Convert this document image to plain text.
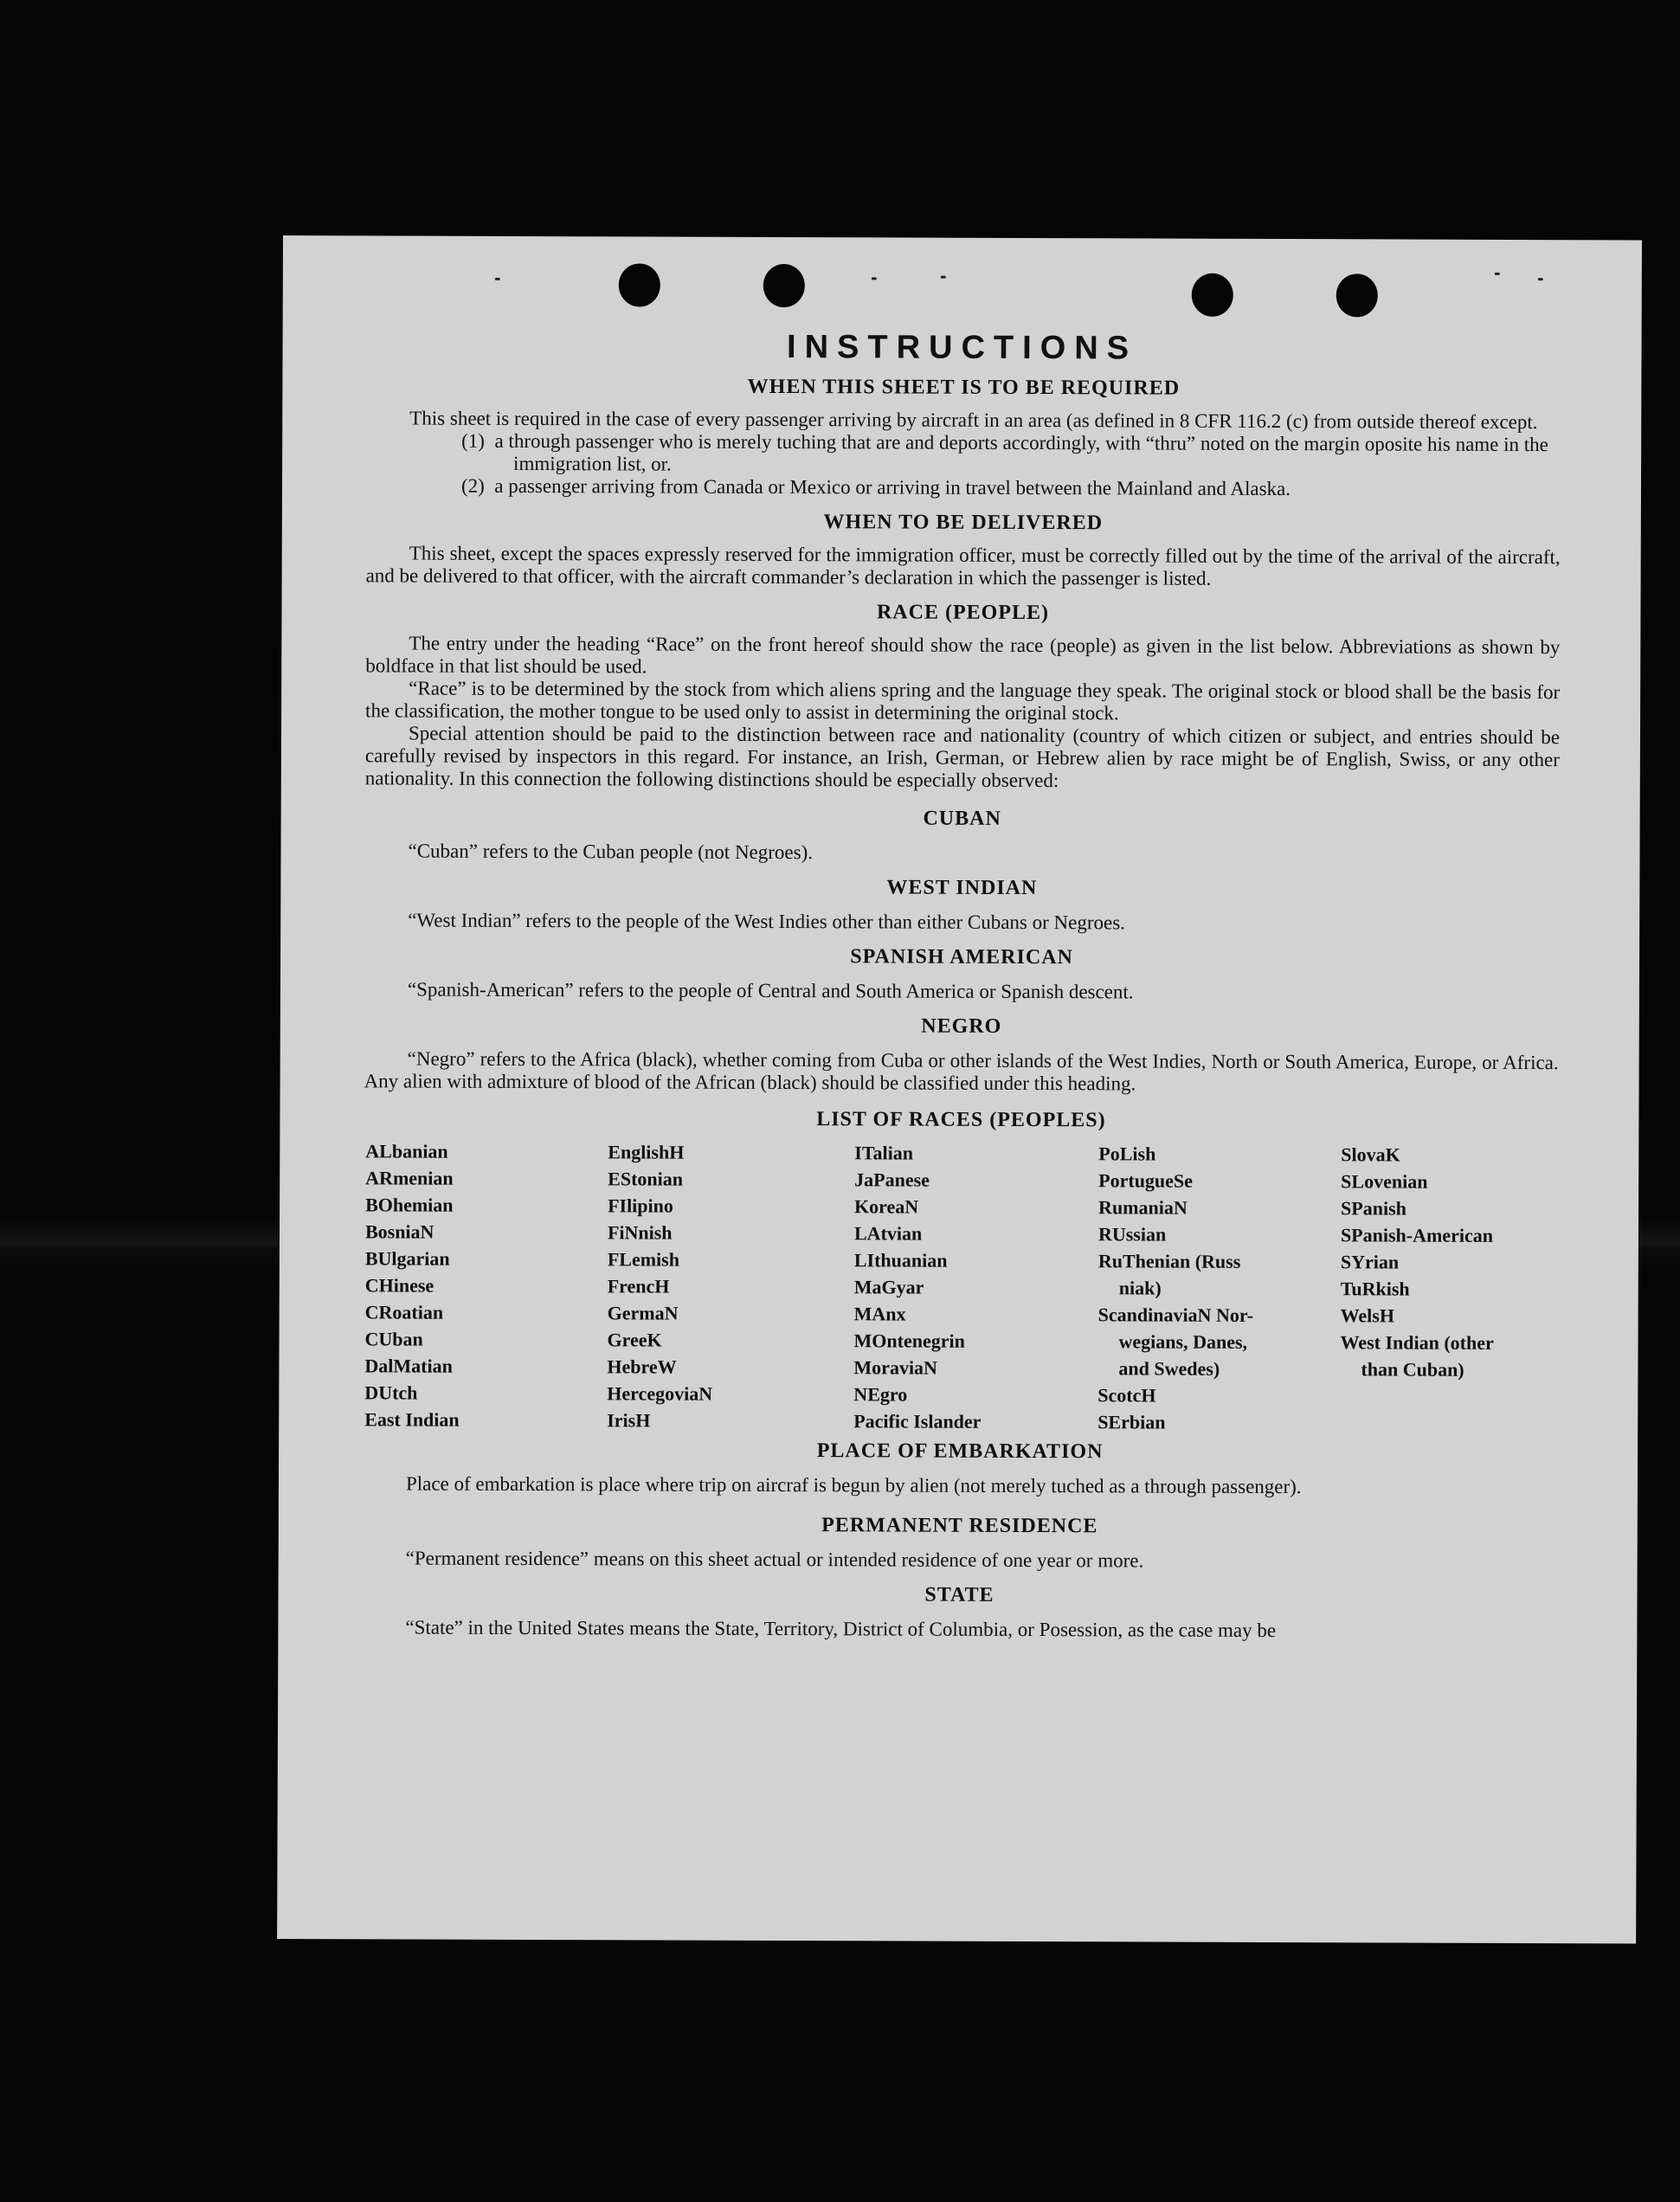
INSTRUCTIONS

WHEN THIS SHEET IS TO BE REQUIRED

This sheet is required in the case of every passenger arriving by aircraft in an area (as defined in 8 CFR 116.2 (c) from outside thereof except.

(1) a through passenger who is merely tuching that are and deports accordingly, with “thru” noted on the margin oposite his name in the immigration list, or.

(2) a passenger arriving from Canada or Mexico or arriving in travel between the Mainland and Alaska.

WHEN TO BE DELIVERED

This sheet, except the spaces expressly reserved for the immigration officer, must be correctly filled out by the time of the arrival of the aircraft, and be delivered to that officer, with the aircraft commander’s declaration in which the passenger is listed.

RACE (PEOPLE)

The entry under the heading “Race” on the front hereof should show the race (people) as given in the list below. Abbreviations as shown by boldface in that list should be used.

“Race” is to be determined by the stock from which aliens spring and the language they speak. The original stock or blood shall be the basis for the classification, the mother tongue to be used only to assist in determining the original stock.

Special attention should be paid to the distinction between race and nationality (country of which citizen or subject, and entries should be carefully revised by inspectors in this regard. For instance, an Irish, German, or Hebrew alien by race might be of English, Swiss, or any other nationality. In this connection the following distinctions should be especially observed:

CUBAN

“Cuban” refers to the Cuban people (not Negroes).

WEST INDIAN

“West Indian” refers to the people of the West Indies other than either Cubans or Negroes.

SPANISH AMERICAN

“Spanish-American” refers to the people of Central and South America or Spanish descent.

NEGRO

“Negro” refers to the Africa (black), whether coming from Cuba or other islands of the West Indies, North or South America, Europe, or Africa. Any alien with admixture of blood of the African (black) should be classified under this heading.

LIST OF RACES (PEOPLES)

ALbanian
ARmenian
BOhemian
BosniaN
BUlgarian
CHinese
CRoatian
CUban
DalMatian
DUtch
East Indian
EnglishH
EStonian
FIlipino
FiNnish
FLemish
FrencH
GermaN
GreeK
HebreW
HercegoviaN
IrisH
ITalian
JaPanese
KoreaN
LAtvian
LIthuanian
MaGyar
MAnx
MOntenegrin
MoraviaN
NEgro
Pacific Islander
PoLish
PortugueSe
RumaniaN
RUssian
RuThenian (Russ
niak)
ScandinaviaN Nor-
wegians, Danes,
and Swedes)
ScotcH
SErbian
SlovaK
SLovenian
SPanish
SPanish-American
SYrian
TuRkish
WelsH
West Indian (other
than Cuban)

PLACE OF EMBARKATION

Place of embarkation is place where trip on aircraf is begun by alien (not merely tuched as a through passenger).

PERMANENT RESIDENCE

“Permanent residence” means on this sheet actual or intended residence of one year or more.

STATE

“State” in the United States means the State, Territory, District of Columbia, or Posession, as the case may be
